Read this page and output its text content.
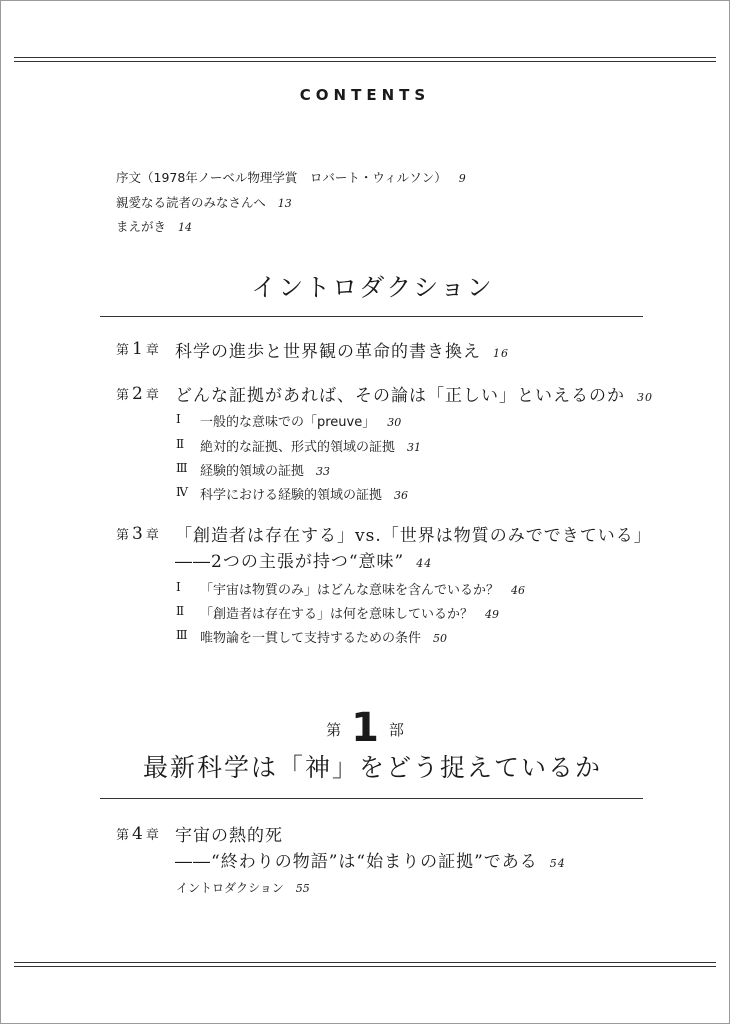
CONTENTS
序文（1978年ノーベル物理学賞　ロバート・ウィルソン） 9
親愛なる読者のみなさんへ 13
まえがき 14
イントロダクション
第 1 章 科学の進歩と世界観の革命的書き換え 16
第 2 章 どんな証拠があれば、その論は「正しい」といえるのか 30
Ⅰ 一般的な意味での「preuve」 30
Ⅱ 絶対的な証拠、形式的領域の証拠 31
Ⅲ 経験的領域の証拠 33
Ⅳ 科学における経験的領域の証拠 36
第 3 章 「創造者は存在する」vs.「世界は物質のみでできている」
――2つの主張が持つ“意味” 44
Ⅰ 「宇宙は物質のみ」はどんな意味を含んでいるか？ 46
Ⅱ 「創造者は存在する」は何を意味しているか？ 49
Ⅲ 唯物論を一貫して支持するための条件 50
第 1 部
最新科学は「神」をどう捉えているか
第 4 章 宇宙の熱的死
――“終わりの物語”は“始まりの証拠”である 54
イントロダクション 55
